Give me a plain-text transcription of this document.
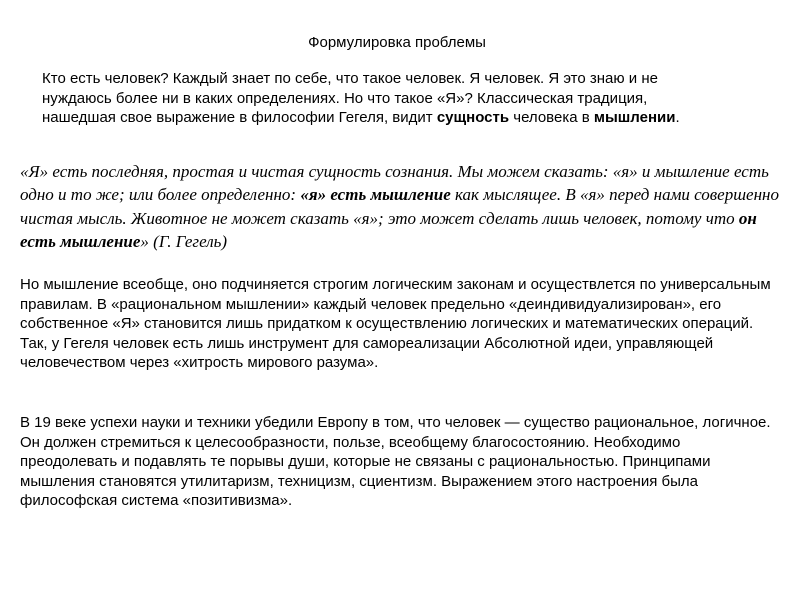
Формулировка проблемы
Кто есть человек? Каждый знает по себе, что такое человек. Я человек. Я это знаю и не нуждаюсь более ни в каких определениях. Но что такое «Я»? Классическая традиция, нашедшая свое выражение в философии Гегеля, видит сущность человека в мышлении.
«Я» есть последняя, простая и чистая сущность сознания. Мы можем сказать: «я» и мышление есть одно и то же; или более определенно: «я» есть мышление как мыслящее. В «я» перед нами совершенно чистая мысль. Животное не может сказать «я»; это может сделать лишь человек, потому что он есть мышление» (Г. Гегель)
Но мышление всеобще, оно подчиняется строгим логическим законам и осуществлется по универсальным правилам. В «рациональном мышлении» каждый человек предельно «деиндивидуализирован», его собственное «Я» становится лишь придатком к осуществлению логических и математических операций. Так, у Гегеля человек есть лишь инструмент для самореализации Абсолютной идеи, управляющей человечеством через «хитрость мирового разума».
В 19 веке успехи науки и техники убедили Европу в том, что человек — существо рациональное, логичное. Он должен стремиться к целесообразности, пользе, всеобщему благосостоянию. Необходимо преодолевать и подавлять те порывы души, которые не связаны с рациональностью. Принципами мышления становятся утилитаризм, техницизм, сциентизм. Выражением этого настроения была философская система «позитивизма».
